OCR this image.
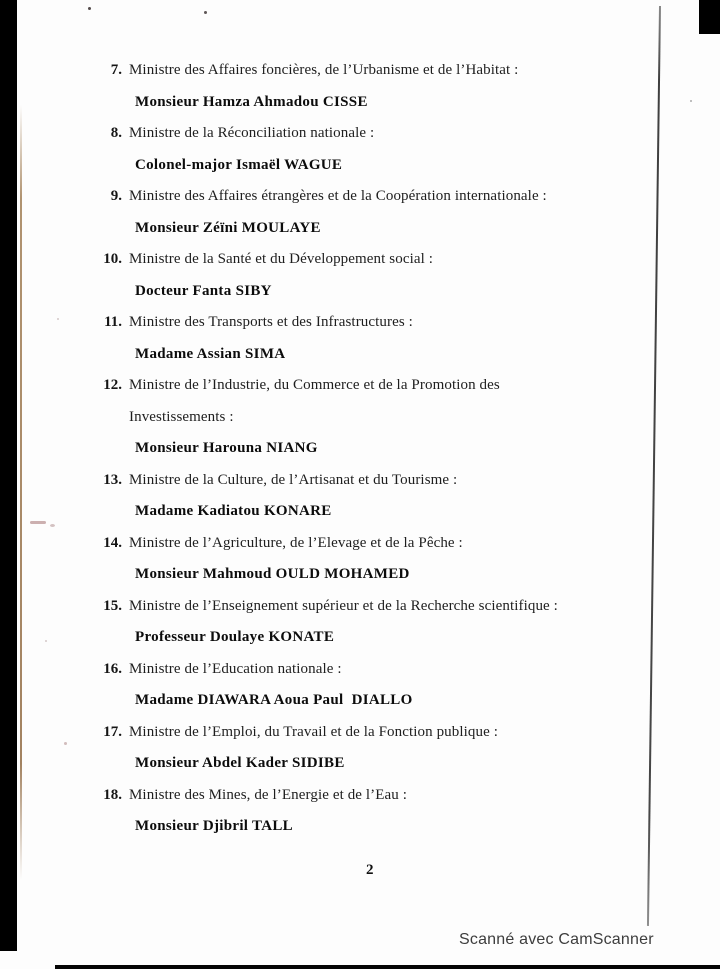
7. Ministre des Affaires foncières, de l’Urbanisme et de l’Habitat :
Monsieur Hamza Ahmadou CISSE
8. Ministre de la Réconciliation nationale :
Colonel-major Ismaël WAGUE
9. Ministre des Affaires étrangères et de la Coopération internationale :
Monsieur Zéïni MOULAYE
10. Ministre de la Santé et du Développement social :
Docteur Fanta SIBY
11. Ministre des Transports et des Infrastructures :
Madame Assian SIMA
12. Ministre de l’Industrie, du Commerce et de la Promotion des Investissements :
Monsieur Harouna NIANG
13. Ministre de la Culture, de l’Artisanat et du Tourisme :
Madame Kadiatou KONARE
14. Ministre de l’Agriculture, de l’Elevage et de la Pêche :
Monsieur Mahmoud OULD MOHAMED
15. Ministre de l’Enseignement supérieur et de la Recherche scientifique :
Professeur Doulaye KONATE
16. Ministre de l’Education nationale :
Madame DIAWARA Aoua Paul  DIALLO
17. Ministre de l’Emploi, du Travail et de la Fonction publique :
Monsieur Abdel Kader SIDIBE
18. Ministre des Mines, de l’Energie et de l’Eau :
Monsieur Djibril TALL
2
Scanné avec CamScanner
